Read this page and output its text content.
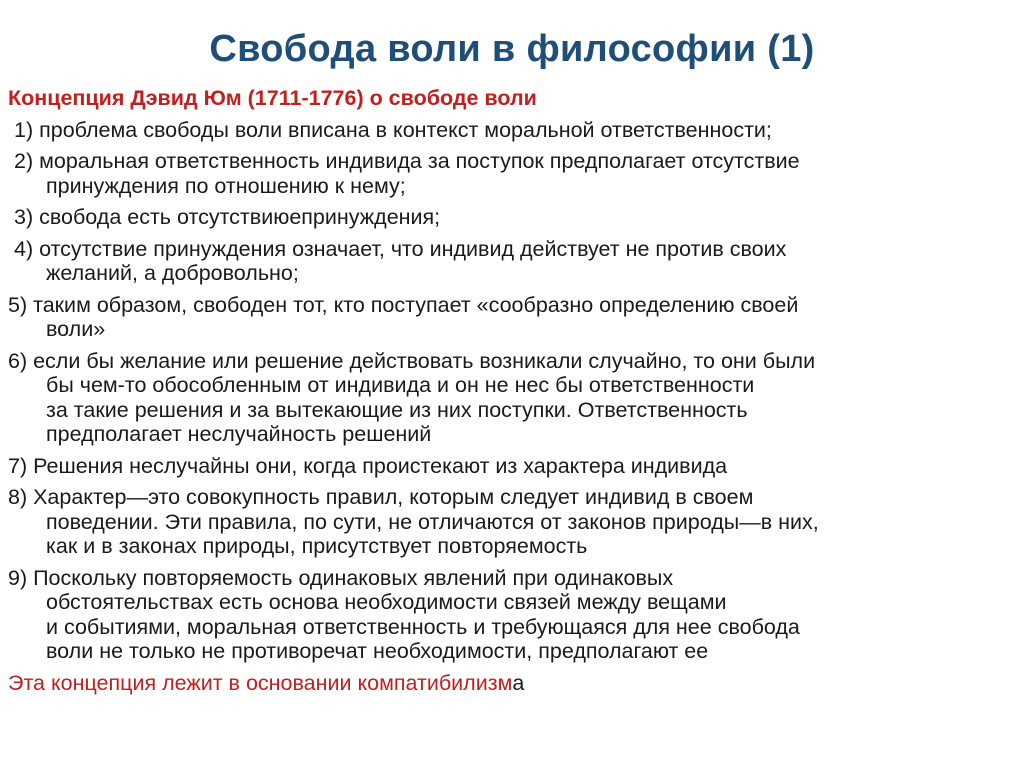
Свобода воли в философии (1)
Концепция Дэвид Юм (1711-1776) о свободе воли
1) проблема свободы воли вписана в контекст моральной ответственности;
2) моральная ответственность индивида за поступок предполагает отсутствие
принуждения по отношению к нему;
3) свобода есть отсутствиюепринуждения;
4) отсутствие принуждения означает, что индивид действует не против своих
желаний, а добровольно;
5) таким образом, свободен тот, кто поступает «сообразно определению своей
воли»
6) если бы желание или решение действовать возникали случайно, то они были
бы чем-то обособленным от индивида и он не нес бы ответственности
за такие решения и за вытекающие из них поступки. Ответственность
предполагает неслучайность решений
7) Решения неслучайны они, когда проистекают из характера индивида
8) Характер—это совокупность правил, которым следует индивид в своем
поведении. Эти правила, по сути, не отличаются от законов природы—в них,
как и в законах природы, присутствует повторяемость
9) Поскольку повторяемость одинаковых явлений при одинаковых
обстоятельствах есть основа необходимости связей между вещами
и событиями, моральная ответственность и требующаяся для нее свобода
воли не только не противоречат необходимости, предполагают ее
Эта концепция лежит в основании компатибилизма
